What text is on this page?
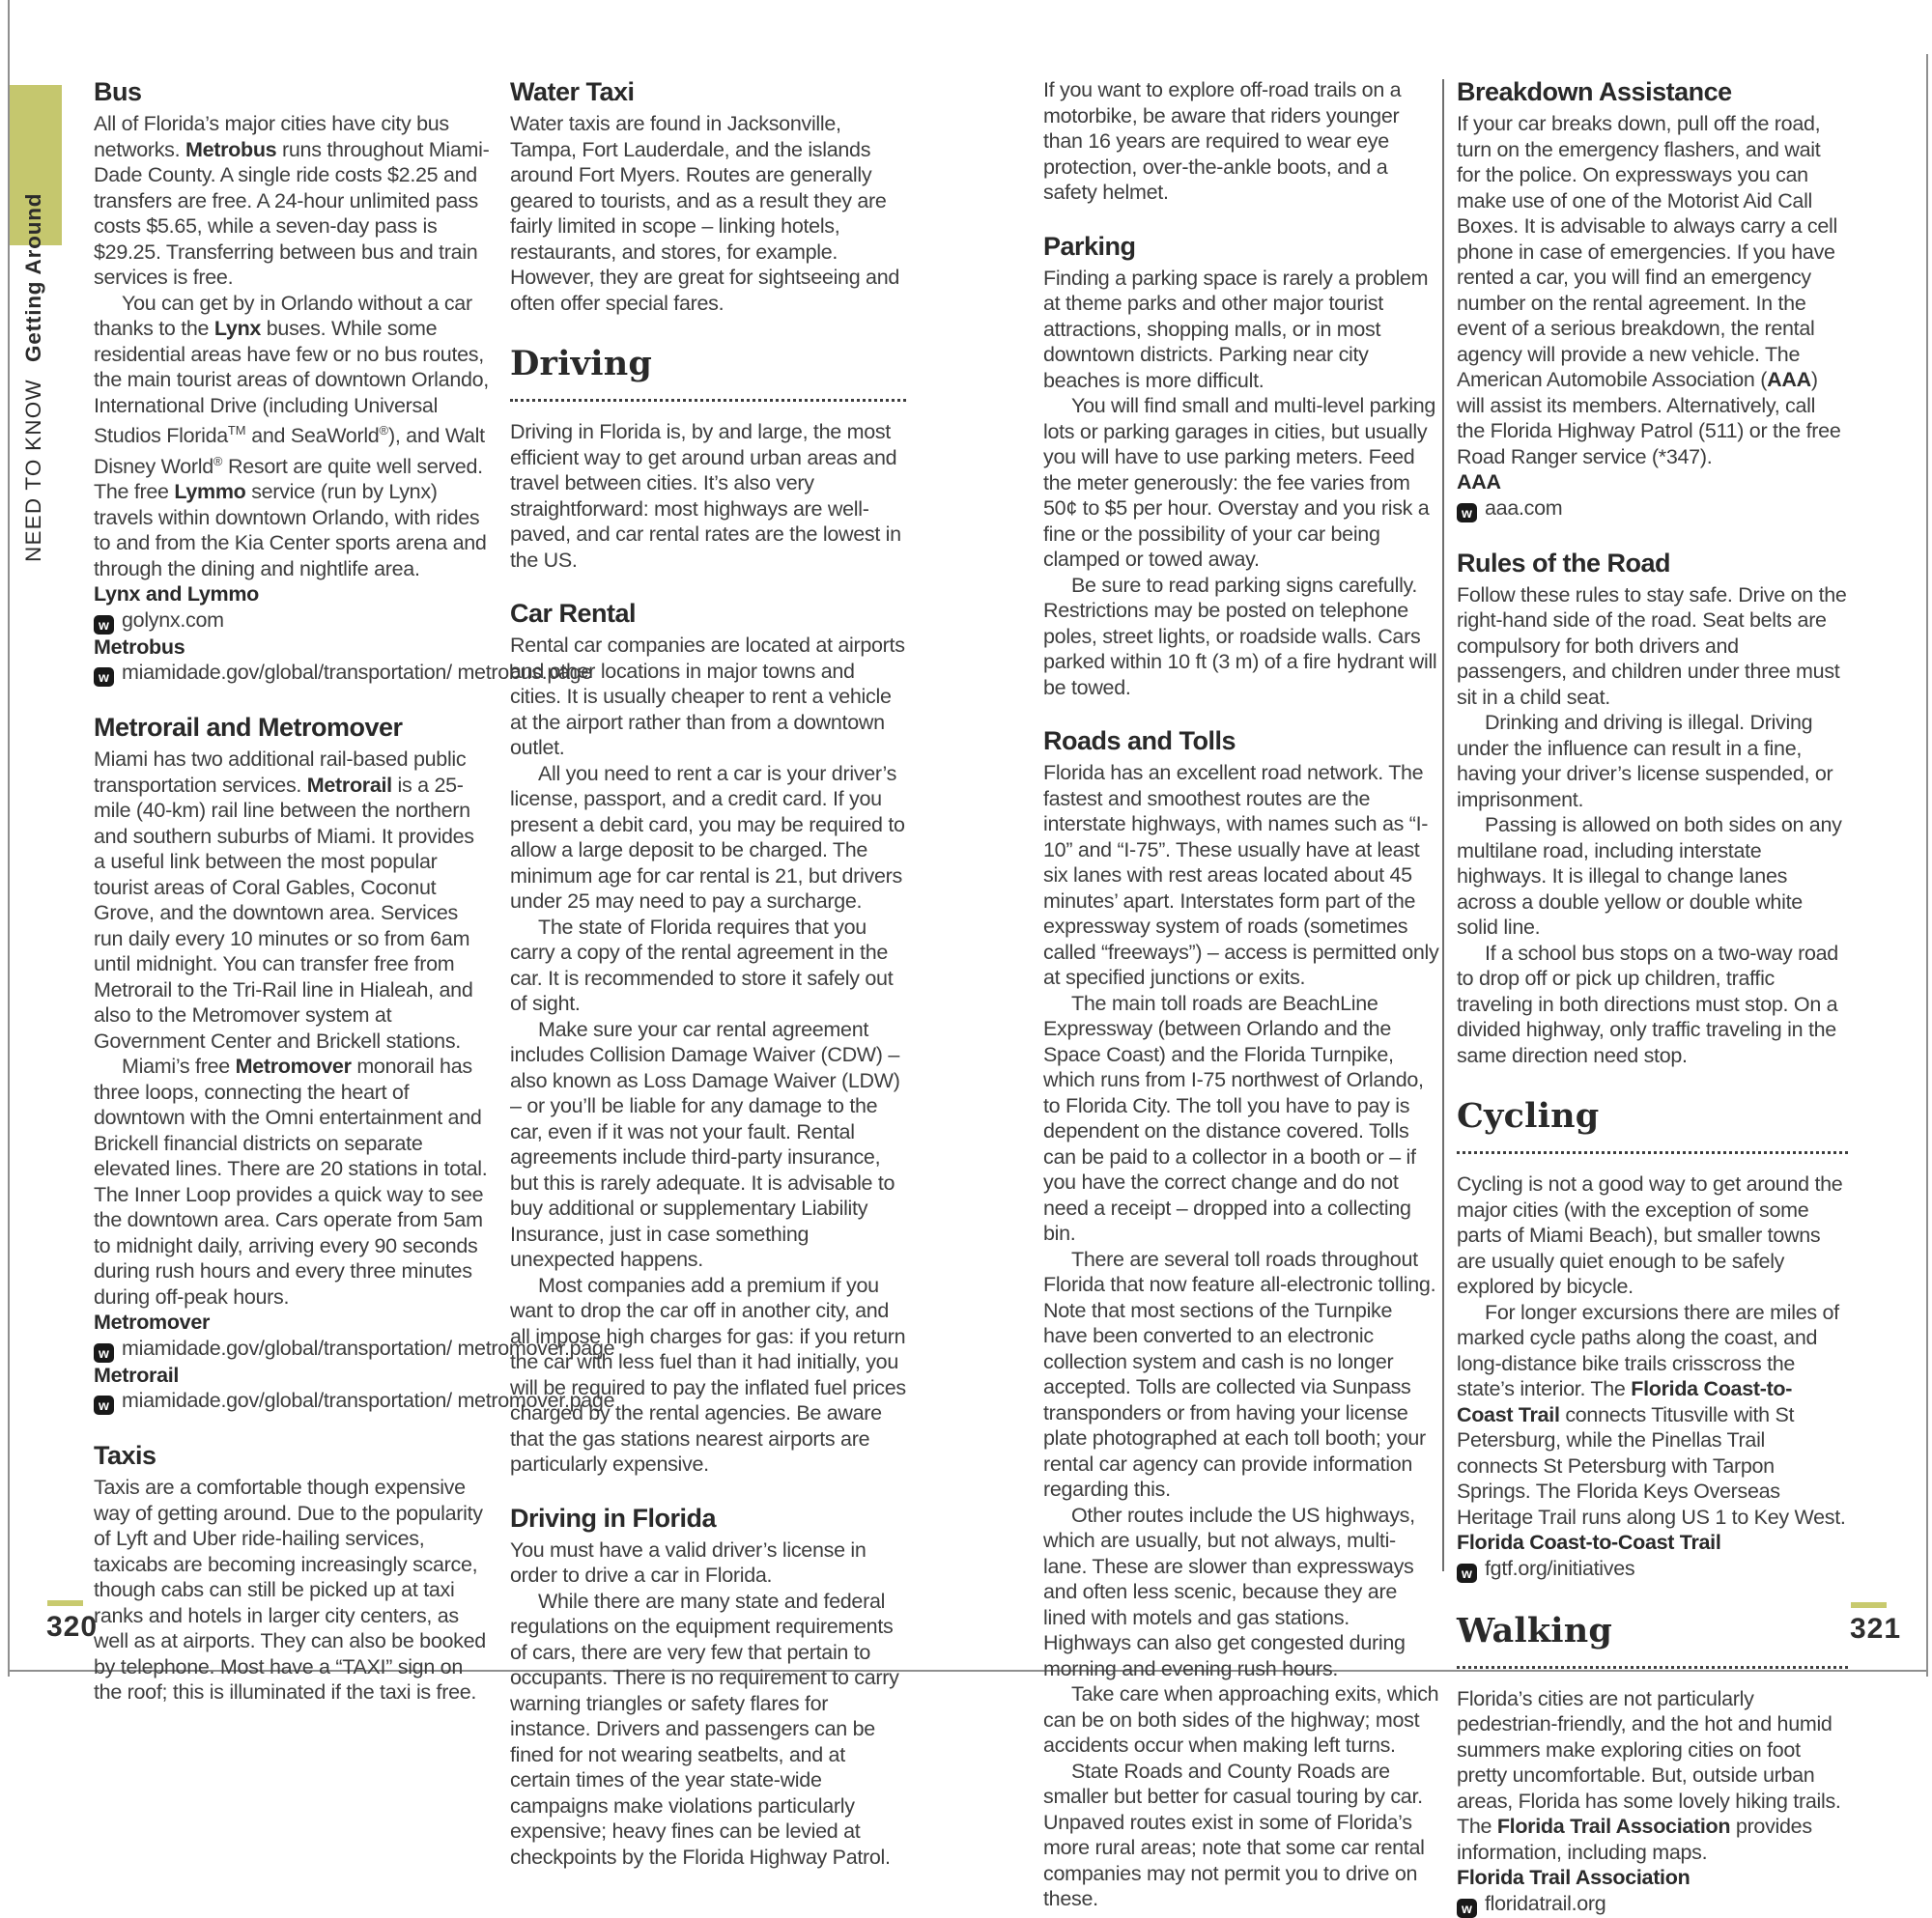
NEED TO KNOW Getting Around
Bus

All of Florida’s major cities have city bus networks. Metrobus runs throughout Miami-Dade County. A single ride costs $2.25 and transfers are free. A 24-hour unlimited pass costs $5.65, while a seven-day pass is $29.25. Transferring between bus and train services is free.

You can get by in Orlando without a car thanks to the Lynx buses. While some residential areas have few or no bus routes, the main tourist areas of downtown Orlando, International Drive (including Universal Studios Florida™ and SeaWorld®), and Walt Disney World® Resort are quite well served. The free Lymmo service (run by Lynx) travels within downtown Orlando, with rides to and from the Kia Center sports arena and through the dining and nightlife area.

Lynx and Lymmo
w golynx.com
Metrobus
w miamidade.gov/global/transportation/ metrobus.page
Metrorail and Metromover

Miami has two additional rail-based public transportation services. Metrorail is a 25-mile (40-km) rail line between the northern and southern suburbs of Miami. It provides a useful link between the most popular tourist areas of Coral Gables, Coconut Grove, and the downtown area. Services run daily every 10 minutes or so from 6am until midnight. You can transfer free from Metrorail to the Tri-Rail line in Hialeah, and also to the Metromover system at Government Center and Brickell stations.

Miami’s free Metromover monorail has three loops, connecting the heart of downtown with the Omni entertainment and Brickell financial districts on separate elevated lines. There are 20 stations in total. The Inner Loop provides a quick way to see the downtown area. Cars operate from 5am to midnight daily, arriving every 90 seconds during rush hours and every three minutes during off-peak hours.

Metromover
w miamidade.gov/global/transportation/ metromover.page
Metrorail
w miamidade.gov/global/transportation/ metromover.page
Taxis

Taxis are a comfortable though expensive way of getting around. Due to the popularity of Lyft and Uber ride-hailing services, taxicabs are becoming increasingly scarce, though cabs can still be picked up at taxi ranks and hotels in larger city centers, as well as at airports. They can also be booked by telephone. Most have a “TAXI” sign on the roof; this is illuminated if the taxi is free.

Water Taxi

Water taxis are found in Jacksonville, Tampa, Fort Lauderdale, and the islands around Fort Myers. Routes are generally geared to tourists, and as a result they are fairly limited in scope – linking hotels, restaurants, and stores, for example. However, they are great for sightseeing and often offer special fares.

Driving

Driving in Florida is, by and large, the most efficient way to get around urban areas and travel between cities. It’s also very straightforward: most highways are well-paved, and car rental rates are the lowest in the US.

Car Rental

Rental car companies are located at airports and other locations in major towns and cities. It is usually cheaper to rent a vehicle at the airport rather than from a downtown outlet.

All you need to rent a car is your driver’s license, passport, and a credit card. If you present a debit card, you may be required to allow a large deposit to be charged. The minimum age for car rental is 21, but drivers under 25 may need to pay a surcharge.

The state of Florida requires that you carry a copy of the rental agreement in the car. It is recommended to store it safely out of sight.

Make sure your car rental agreement includes Collision Damage Waiver (CDW) – also known as Loss Damage Waiver (LDW) – or you’ll be liable for any damage to the car, even if it was not your fault. Rental agreements include third-party insurance, but this is rarely adequate. It is advisable to buy additional or supplementary Liability Insurance, just in case something unexpected happens.

Most companies add a premium if you want to drop the car off in another city, and all impose high charges for gas: if you return the car with less fuel than it had initially, you will be required to pay the inflated fuel prices charged by the rental agencies. Be aware that the gas stations nearest airports are particularly expensive.

Driving in Florida

You must have a valid driver’s license in order to drive a car in Florida.

While there are many state and federal regulations on the equipment requirements of cars, there are very few that pertain to occupants. There is no requirement to carry warning triangles or safety flares for instance. Drivers and passengers can be fined for not wearing seatbelts, and at certain times of the year state-wide campaigns make violations particularly expensive; heavy fines can be levied at checkpoints by the Florida Highway Patrol.

If you want to explore off-road trails on a motorbike, be aware that riders younger than 16 years are required to wear eye protection, over-the-ankle boots, and a safety helmet.

Parking

Finding a parking space is rarely a problem at theme parks and other major tourist attractions, shopping malls, or in most downtown districts. Parking near city beaches is more difficult.

You will find small and multi-level parking lots or parking garages in cities, but usually you will have to use parking meters. Feed the meter generously: the fee varies from 50¢ to $5 per hour. Overstay and you risk a fine or the possibility of your car being clamped or towed away.

Be sure to read parking signs carefully. Restrictions may be posted on telephone poles, street lights, or roadside walls. Cars parked within 10 ft (3 m) of a fire hydrant will be towed.

Roads and Tolls

Florida has an excellent road network. The fastest and smoothest routes are the interstate highways, with names such as “I-10” and “I-75”. These usually have at least six lanes with rest areas located about 45 minutes’ apart. Interstates form part of the expressway system of roads (sometimes called “freeways”) – access is permitted only at specified junctions or exits.

The main toll roads are BeachLine Expressway (between Orlando and the Space Coast) and the Florida Turnpike, which runs from I-75 northwest of Orlando, to Florida City. The toll you have to pay is dependent on the distance covered. Tolls can be paid to a collector in a booth or – if you have the correct change and do not need a receipt – dropped into a collecting bin.

There are several toll roads throughout Florida that now feature all-electronic tolling. Note that most sections of the Turnpike have been converted to an electronic collection system and cash is no longer accepted. Tolls are collected via Sunpass transponders or from having your license plate photographed at each toll booth; your rental car agency can provide information regarding this.

Other routes include the US highways, which are usually, but not always, multi-lane. These are slower than expressways and often less scenic, because they are lined with motels and gas stations. Highways can also get congested during morning and evening rush hours.

Take care when approaching exits, which can be on both sides of the highway; most accidents occur when making left turns.

State Roads and County Roads are smaller but better for casual touring by car. Unpaved routes exist in some of Florida’s more rural areas; note that some car rental companies may not permit you to drive on these.

Breakdown Assistance

If your car breaks down, pull off the road, turn on the emergency flashers, and wait for the police. On expressways you can make use of one of the Motorist Aid Call Boxes. It is advisable to always carry a cell phone in case of emergencies. If you have rented a car, you will find an emergency number on the rental agreement. In the event of a serious breakdown, the rental agency will provide a new vehicle. The American Automobile Association (AAA) will assist its members. Alternatively, call the Florida Highway Patrol (511) or the free Road Ranger service (*347).

AAA
w aaa.com
Rules of the Road

Follow these rules to stay safe. Drive on the right-hand side of the road. Seat belts are compulsory for both drivers and passengers, and children under three must sit in a child seat.

Drinking and driving is illegal. Driving under the influence can result in a fine, having your driver’s license suspended, or imprisonment.

Passing is allowed on both sides on any multilane road, including interstate highways. It is illegal to change lanes across a double yellow or double white solid line.

If a school bus stops on a two-way road to drop off or pick up children, traffic traveling in both directions must stop. On a divided highway, only traffic traveling in the same direction need stop.

Cycling

Cycling is not a good way to get around the major cities (with the exception of some parts of Miami Beach), but smaller towns are usually quiet enough to be safely explored by bicycle.

For longer excursions there are miles of marked cycle paths along the coast, and long-distance bike trails crisscross the state’s interior. The Florida Coast-to-Coast Trail connects Titusville with St Petersburg, while the Pinellas Trail connects St Petersburg with Tarpon Springs. The Florida Keys Overseas Heritage Trail runs along US 1 to Key West.

Florida Coast-to-Coast Trail
w fgtf.org/initiatives
Walking

Florida’s cities are not particularly pedestrian-friendly, and the hot and humid summers make exploring cities on foot pretty uncomfortable. But, outside urban areas, Florida has some lovely hiking trails. The Florida Trail Association provides information, including maps.

Florida Trail Association
w floridatrail.org
320	321
